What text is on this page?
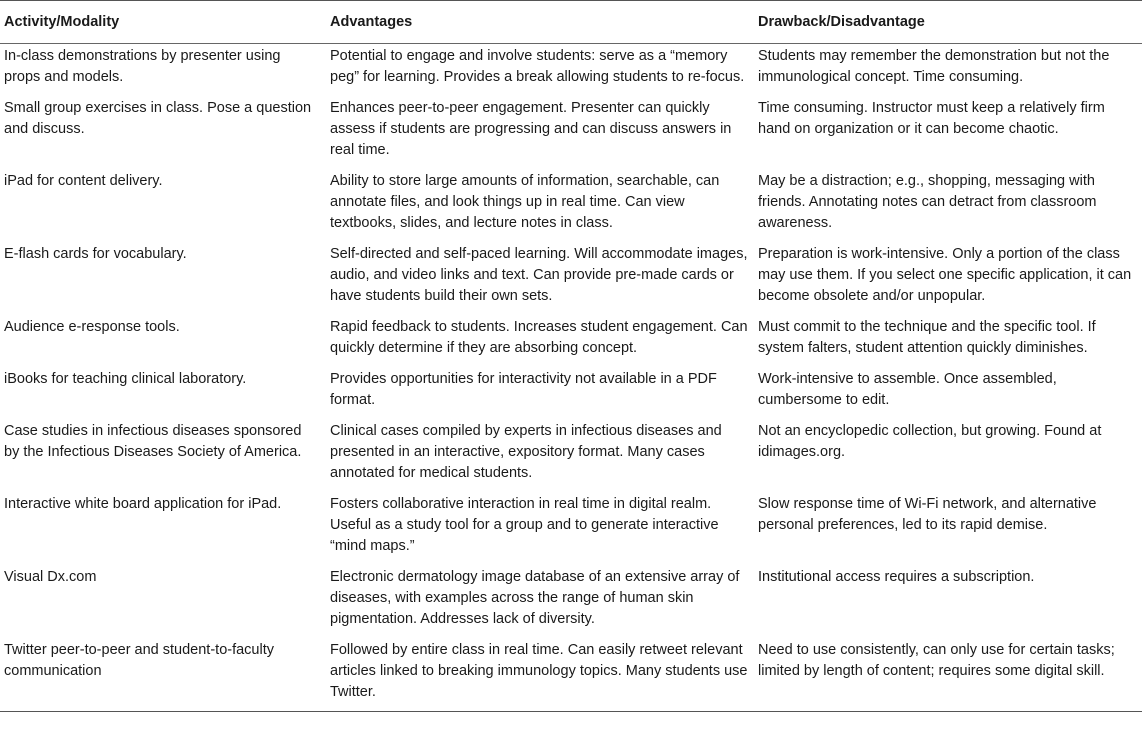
Activity/Modality	Advantages	Drawback/Disadvantage
In-class demonstrations by presenter using props and models.	Potential to engage and involve students: serve as a “memory peg” for learning. Provides a break allowing students to re-focus.	Students may remember the demonstration but not the immunological concept. Time consuming.
Small group exercises in class. Pose a question and discuss.	Enhances peer-to-peer engagement. Presenter can quickly assess if students are progressing and can discuss answers in real time.	Time consuming. Instructor must keep a relatively firm hand on organization or it can become chaotic.
iPad for content delivery.	Ability to store large amounts of information, searchable, can annotate files, and look things up in real time. Can view textbooks, slides, and lecture notes in class.	May be a distraction; e.g., shopping, messaging with friends. Annotating notes can detract from classroom awareness.
E-flash cards for vocabulary.	Self-directed and self-paced learning. Will accommodate images, audio, and video links and text. Can provide pre-made cards or have students build their own sets.	Preparation is work-intensive. Only a portion of the class may use them. If you select one specific application, it can become obsolete and/or unpopular.
Audience e-response tools.	Rapid feedback to students. Increases student engagement. Can quickly determine if they are absorbing concept.	Must commit to the technique and the specific tool. If system falters, student attention quickly diminishes.
iBooks for teaching clinical laboratory.	Provides opportunities for interactivity not available in a PDF format.	Work-intensive to assemble. Once assembled, cumbersome to edit.
Case studies in infectious diseases sponsored by the Infectious Diseases Society of America.	Clinical cases compiled by experts in infectious diseases and presented in an interactive, expository format. Many cases annotated for medical students.	Not an encyclopedic collection, but growing. Found at idimages.org.
Interactive white board application for iPad.	Fosters collaborative interaction in real time in digital realm. Useful as a study tool for a group and to generate interactive “mind maps.”	Slow response time of Wi-Fi network, and alternative personal preferences, led to its rapid demise.
Visual Dx.com	Electronic dermatology image database of an extensive array of diseases, with examples across the range of human skin pigmentation. Addresses lack of diversity.	Institutional access requires a subscription.
Twitter peer-to-peer and student-to-faculty communication	Followed by entire class in real time. Can easily retweet relevant articles linked to breaking immunology topics. Many students use Twitter.	Need to use consistently, can only use for certain tasks; limited by length of content; requires some digital skill.
